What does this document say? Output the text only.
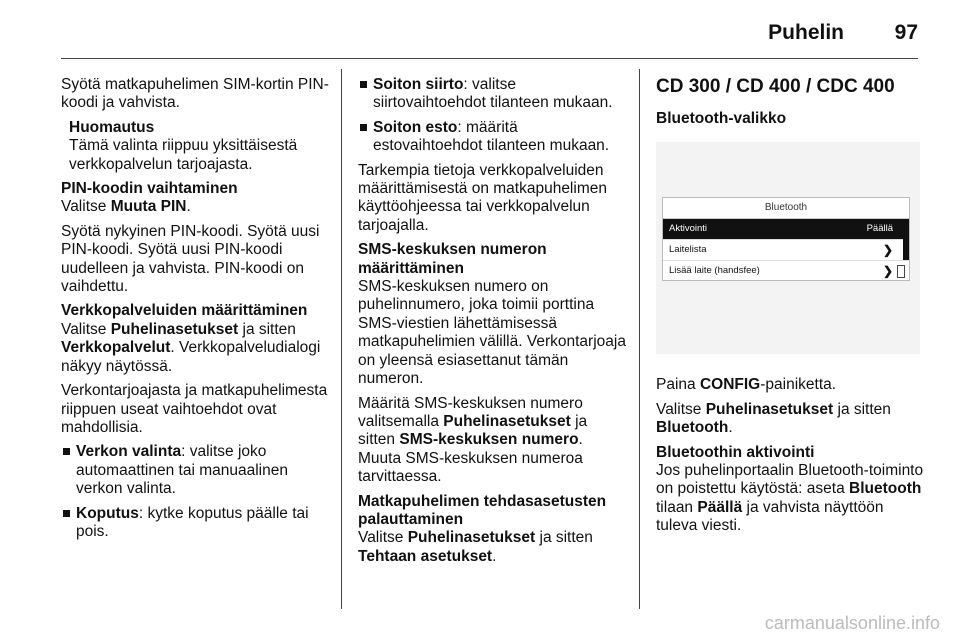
Puhelin 97

Syötä matkapuhelimen SIM-kortin PIN-koodi ja vahvista.

Huomautus
Tämä valinta riippuu yksittäisestä verkkopalvelun tarjoajasta.

PIN-koodin vaihtaminen
Valitse Muuta PIN.

Syötä nykyinen PIN-koodi. Syötä uusi PIN-koodi. Syötä uusi PIN-koodi uudelleen ja vahvista. PIN-koodi on vaihdettu.

Verkkopalveluiden määrittäminen
Valitse Puhelinasetukset ja sitten Verkkopalvelut. Verkkopalveludialogi näkyy näytössä.

Verkontarjoajasta ja matkapuhelimesta riippuen useat vaihtoehdot ovat mahdollisia.

Verkon valinta: valitse joko automaattinen tai manuaalinen verkon valinta.
Koputus: kytke koputus päälle tai pois.
Soiton siirto: valitse siirtovaihtoehdot tilanteen mukaan.
Soiton esto: määritä estovaihtoehdot tilanteen mukaan.

Tarkempia tietoja verkkopalveluiden määrittämisestä on matkapuhelimen käyttöohjeessa tai verkkopalvelun tarjoajalla.

SMS-keskuksen numeron määrittäminen
SMS-keskuksen numero on puhelinnumero, joka toimii porttina SMS-viestien lähettämisessä matkapuhelimien välillä. Verkontarjoaja on yleensä esiasettanut tämän numeron.

Määritä SMS-keskuksen numero valitsemalla Puhelinasetukset ja sitten SMS-keskuksen numero. Muuta SMS-keskuksen numeroa tarvittaessa.

Matkapuhelimen tehdasasetusten palauttaminen
Valitse Puhelinasetukset ja sitten Tehtaan asetukset.

CD 300 / CD 400 / CDC 400
Bluetooth-valikko
Bluetooth
Aktivointi	Päällä
Laitelista	❯
Lisää laite (handsfee)	❯

Paina CONFIG-painiketta.

Valitse Puhelinasetukset ja sitten Bluetooth.

Bluetoothin aktivointi
Jos puhelinportaalin Bluetooth-toiminto on poistettu käytöstä: aseta Bluetooth tilaan Päällä ja vahvista näyttöön tuleva viesti.

carmanualsonline.info
